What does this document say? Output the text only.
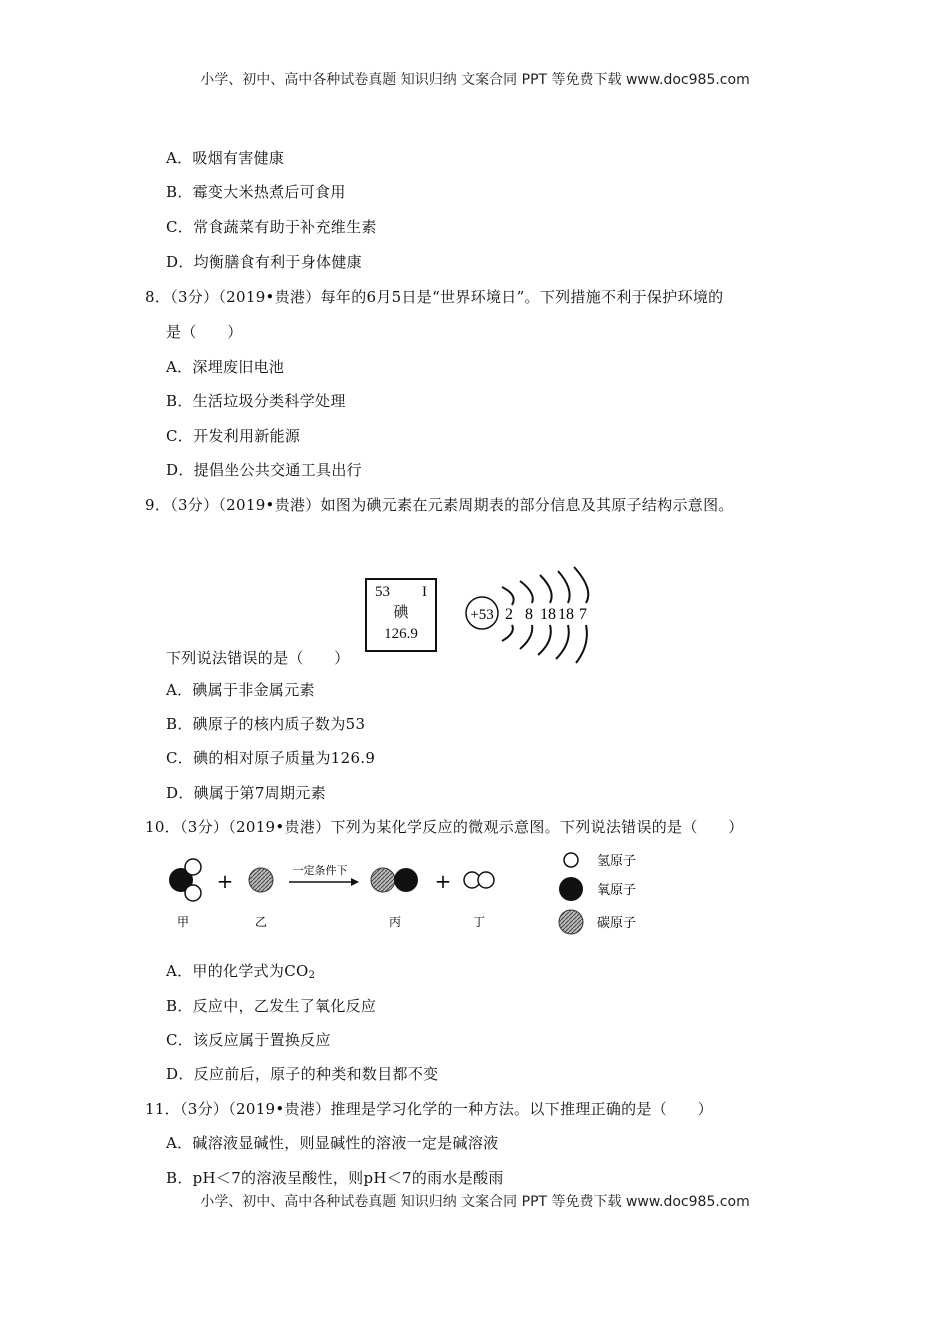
小学、初中、高中各种试卷真题 知识归纳 文案合同 PPT 等免费下载 www.doc985.com
A．吸烟有害健康
B．霉变大米热煮后可食用
C．常食蔬菜有助于补充维生素
D．均衡膳食有利于身体健康
8．（3分）（2019•贵港）每年的6月5日是“世界环境日”。下列措施不利于保护环境的
是（　　）
A．深埋废旧电池
B．生活垃圾分类科学处理
C．开发利用新能源
D．提倡坐公共交通工具出行
9．（3分）（2019•贵港）如图为碘元素在元素周期表的部分信息及其原子结构示意图。
53 I
碘
126.9
+53 2 8 18 18 7
下列说法错误的是（　　）
A．碘属于非金属元素
B．碘原子的核内质子数为53
C．碘的相对原子质量为126.9
D．碘属于第7周期元素
10．（3分）（2019•贵港）下列为某化学反应的微观示意图。下列说法错误的是（　　）
+	一定条件下	+
甲	乙	丙	丁
氢原子
氧原子
碳原子
A．甲的化学式为$CO_2$
B．反应中，乙发生了氧化反应
C．该反应属于置换反应
D．反应前后，原子的种类和数目都不变
11．（3分）（2019•贵港）推理是学习化学的一种方法。以下推理正确的是（　　）
A．碱溶液显碱性，则显碱性的溶液一定是碱溶液
B．pH＜7的溶液呈酸性，则pH＜7的雨水是酸雨
小学、初中、高中各种试卷真题 知识归纳 文案合同 PPT 等免费下载 www.doc985.com
